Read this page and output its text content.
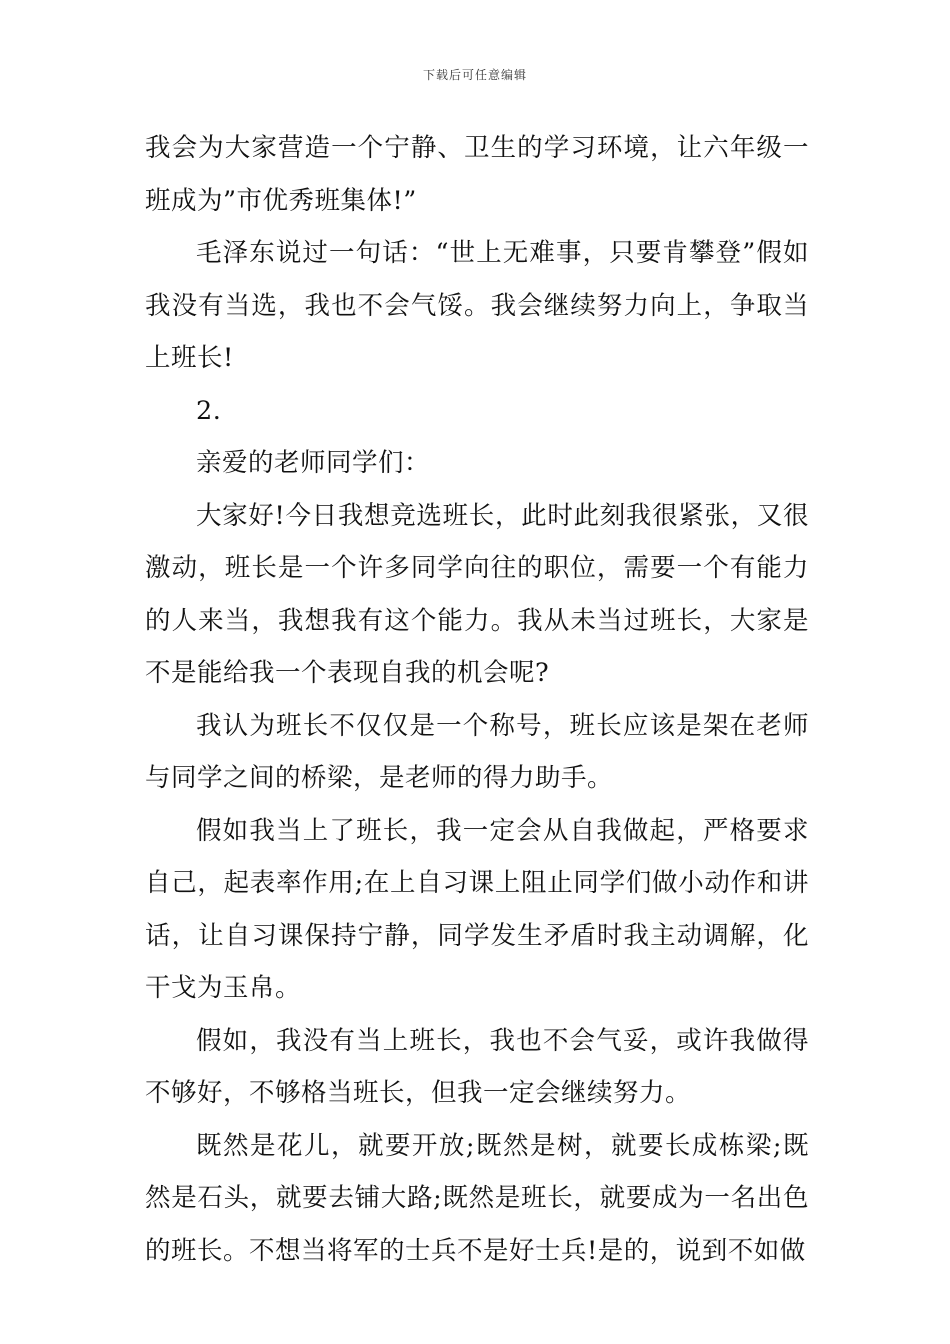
下载后可任意编辑

我会为大家营造一个宁静、卫生的学习环境，让六年级一班成为”市优秀班集体!”

毛泽东说过一句话：“世上无难事，只要肯攀登”假如我没有当选，我也不会气馁。我会继续努力向上，争取当上班长!

2.

亲爱的老师同学们：

大家好!今日我想竞选班长，此时此刻我很紧张，又很激动，班长是一个许多同学向往的职位，需要一个有能力的人来当，我想我有这个能力。我从未当过班长，大家是不是能给我一个表现自我的机会呢?

我认为班长不仅仅是一个称号，班长应该是架在老师与同学之间的桥梁，是老师的得力助手。

假如我当上了班长，我一定会从自我做起，严格要求自己，起表率作用;在上自习课上阻止同学们做小动作和讲话，让自习课保持宁静，同学发生矛盾时我主动调解，化干戈为玉帛。

假如，我没有当上班长，我也不会气妥，或许我做得不够好，不够格当班长，但我一定会继续努力。

既然是花儿，就要开放;既然是树，就要长成栋梁;既然是石头，就要去铺大路;既然是班长，就要成为一名出色的班长。不想当将军的士兵不是好士兵!是的，说到不如做
